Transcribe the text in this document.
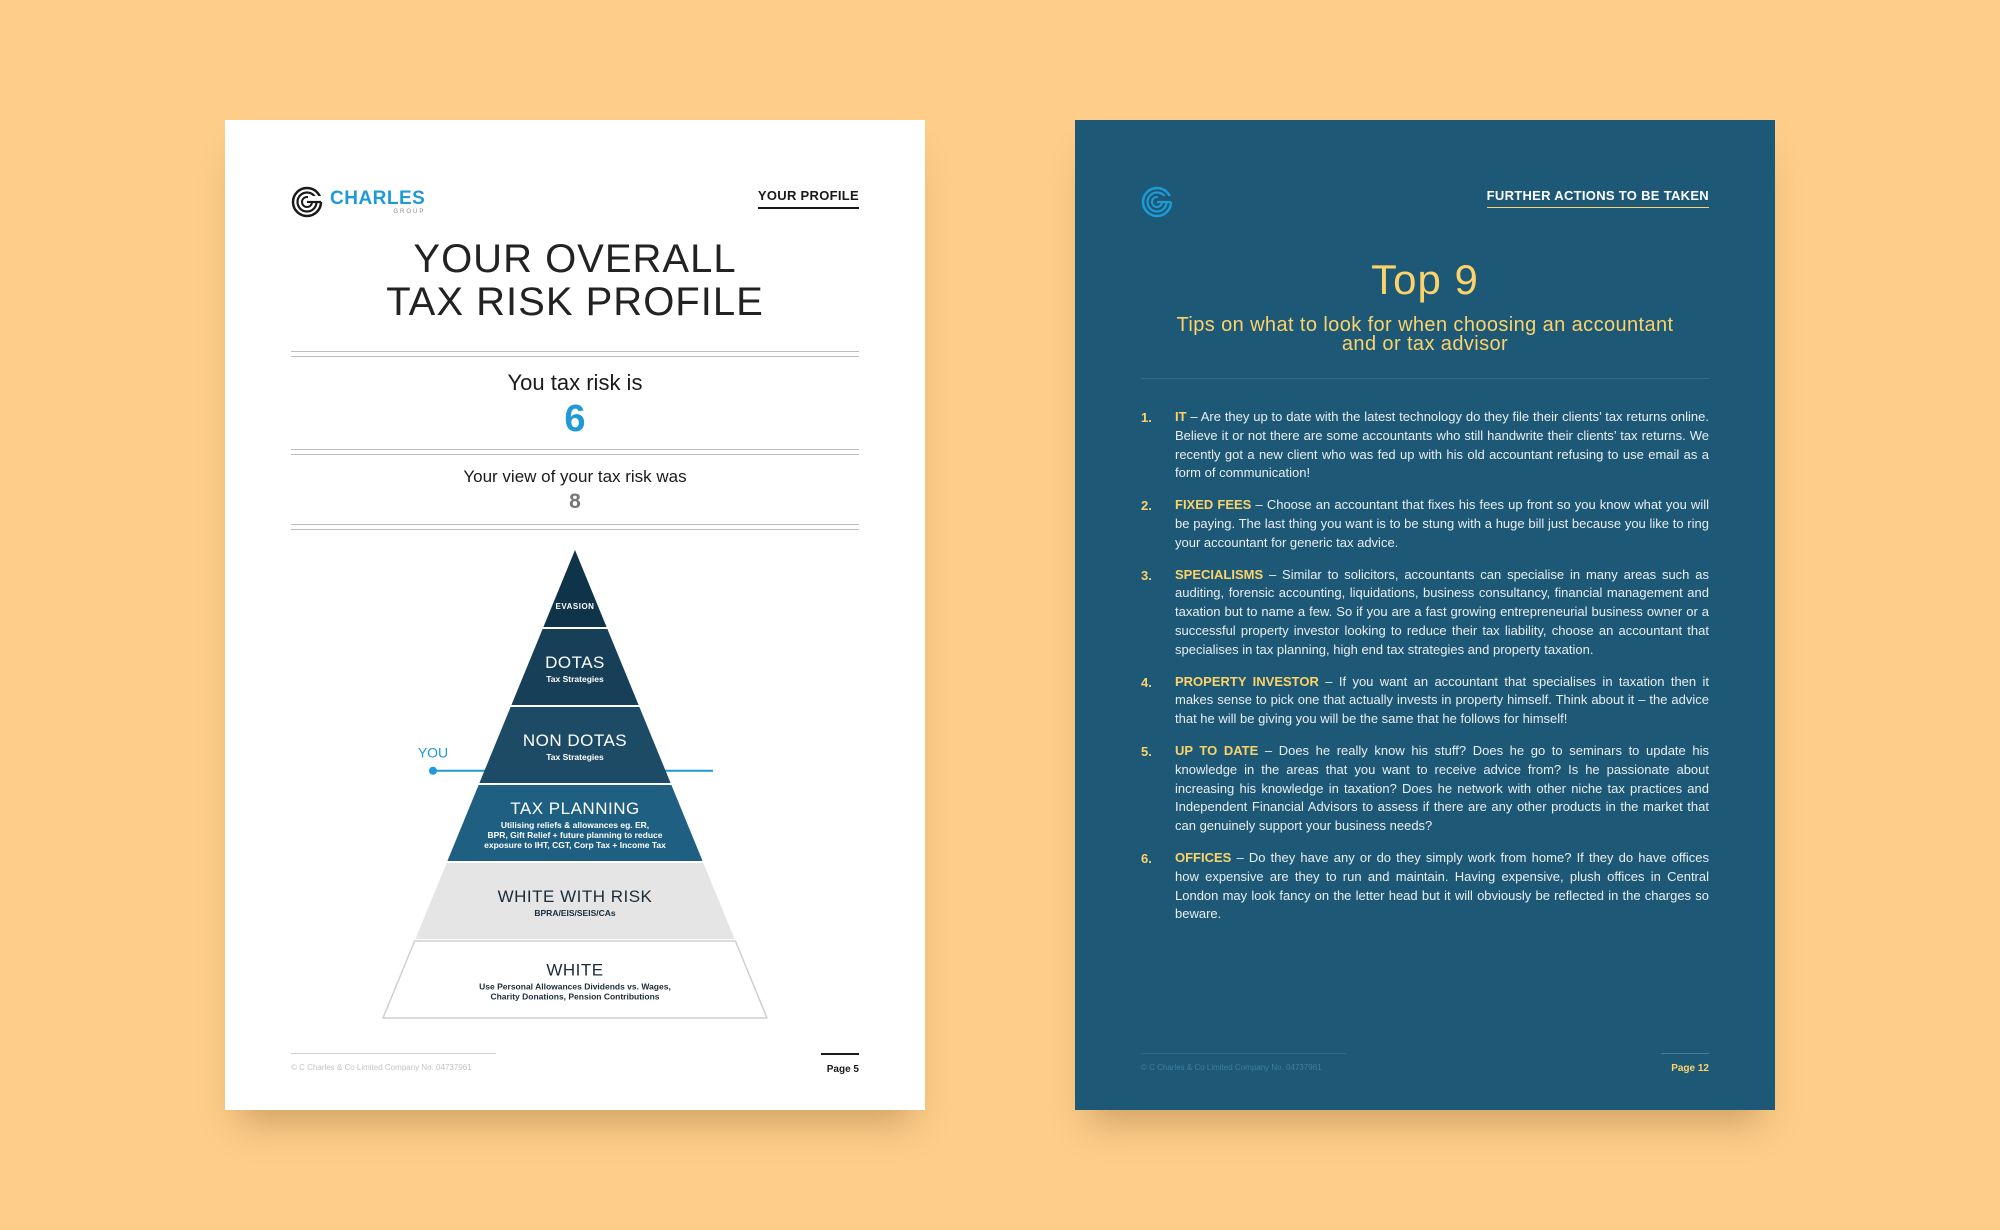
CHARLES
GROUP
YOUR PROFILE
YOUR OVERALL
TAX RISK PROFILE
You tax risk is
6
Your view of your tax risk was
8
YOU
EVASION
DOTAS
Tax Strategies
NON DOTAS
Tax Strategies
TAX PLANNING
Utilising reliefs & allowances eg. ER,
BPR, Gift Relief + future planning to reduce
exposure to IHT, CGT, Corp Tax + Income Tax
WHITE WITH RISK
BPRA/EIS/SEIS/CAs
WHITE
Use Personal Allowances Dividends vs. Wages,
Charity Donations, Pension Contributions
© C Charles & Co Limited Company No. 04737961	Page 5
FURTHER ACTIONS TO BE TAKEN
Top 9
Tips on what to look for when choosing an accountant and or tax advisor
1.	IT – Are they up to date with the latest technology do they file their clients’ tax returns online. Believe it or not there are some accountants who still handwrite their clients’ tax returns. We recently got a new client who was fed up with his old accountant refusing to use email as a form of communication!
2.	FIXED FEES – Choose an accountant that fixes his fees up front so you know what you will be paying. The last thing you want is to be stung with a huge bill just because you like to ring your accountant for generic tax advice.
3.	SPECIALISMS – Similar to solicitors, accountants can specialise in many areas such as auditing, forensic accounting, liquidations, business consultancy, financial management and taxation but to name a few. So if you are a fast growing entrepreneurial business owner or a successful property investor looking to reduce their tax liability, choose an accountant that specialises in tax planning, high end tax strategies and property taxation.
4.	PROPERTY INVESTOR – If you want an accountant that specialises in taxation then it makes sense to pick one that actually invests in property himself. Think about it – the advice that he will be giving you will be the same that he follows for himself!
5.	UP TO DATE – Does he really know his stuff? Does he go to seminars to update his knowledge in the areas that you want to receive advice from? Is he passionate about increasing his knowledge in taxation? Does he network with other niche tax practices and Independent Financial Advisors to assess if there are any other products in the market that can genuinely support your business needs?
6.	OFFICES – Do they have any or do they simply work from home? If they do have offices how expensive are they to run and maintain. Having expensive, plush offices in Central London may look fancy on the letter head but it will obviously be reflected in the charges so beware.
© C Charles & Co Limited Company No. 04737961	Page 12
